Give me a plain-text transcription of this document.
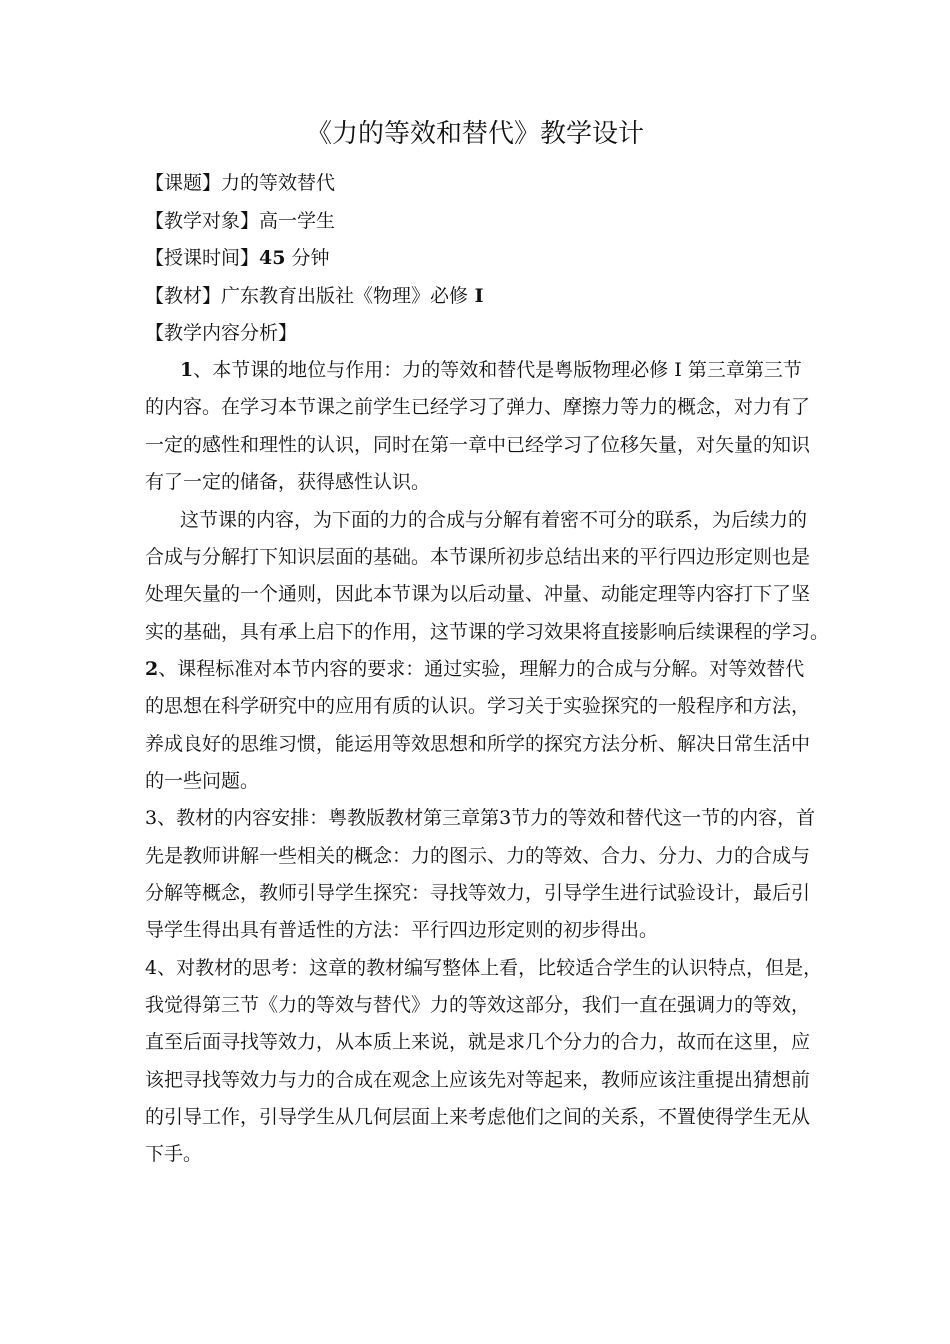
《力的等效和替代》教学设计
【课题】力的等效替代
【教学对象】高一学生
【授课时间】45 分钟
【教材】广东教育出版社《物理》必修 I
【教学内容分析】
1、本节课的地位与作用：力的等效和替代是粤版物理必修 I 第三章第三节
的内容。在学习本节课之前学生已经学习了弹力、摩擦力等力的概念，对力有了
一定的感性和理性的认识，同时在第一章中已经学习了位移矢量，对矢量的知识
有了一定的储备，获得感性认识。
这节课的内容，为下面的力的合成与分解有着密不可分的联系，为后续力的
合成与分解打下知识层面的基础。本节课所初步总结出来的平行四边形定则也是
处理矢量的一个通则，因此本节课为以后动量、冲量、动能定理等内容打下了坚
实的基础，具有承上启下的作用，这节课的学习效果将直接影响后续课程的学习。
2、课程标准对本节内容的要求：通过实验，理解力的合成与分解。对等效替代
的思想在科学研究中的应用有质的认识。学习关于实验探究的一般程序和方法，
养成良好的思维习惯，能运用等效思想和所学的探究方法分析、解决日常生活中
的一些问题。
3、教材的内容安排：粤教版教材第三章第3节力的等效和替代这一节的内容，首
先是教师讲解一些相关的概念：力的图示、力的等效、合力、分力、力的合成与
分解等概念，教师引导学生探究：寻找等效力，引导学生进行试验设计，最后引
导学生得出具有普适性的方法：平行四边形定则的初步得出。
4、对教材的思考：这章的教材编写整体上看，比较适合学生的认识特点，但是，
我觉得第三节《力的等效与替代》力的等效这部分，我们一直在强调力的等效，
直至后面寻找等效力，从本质上来说，就是求几个分力的合力，故而在这里，应
该把寻找等效力与力的合成在观念上应该先对等起来，教师应该注重提出猜想前
的引导工作，引导学生从几何层面上来考虑他们之间的关系，不置使得学生无从
下手。
